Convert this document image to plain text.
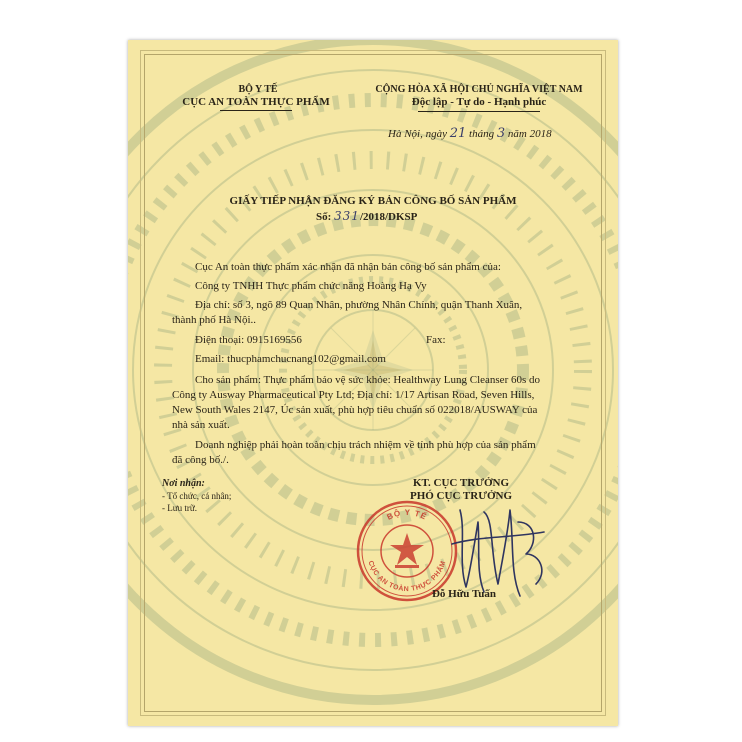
BỘ Y TẾ
CỤC AN TOÀN THỰC PHẨM
CỘNG HÒA XÃ HỘI CHỦ NGHĨA VIỆT NAM
Độc lập - Tự do - Hạnh phúc
Hà Nội, ngày 21 tháng 3 năm 2018
GIẤY TIẾP NHẬN ĐĂNG KÝ BẢN CÔNG BỐ SẢN PHẨM
Số: 331/2018/DKSP
Cục An toàn thực phẩm xác nhận đã nhận bản công bố sản phẩm của:
Công ty TNHH Thực phẩm chức năng Hoàng Hạ Vy
Địa chỉ: số 3, ngõ 89 Quan Nhân, phường Nhân Chính, quận Thanh Xuân,
thành phố Hà Nội..
Điện thoại: 0915169556	Fax:
Email: thucphamchucnang102@gmail.com
Cho sản phẩm: Thực phẩm bảo vệ sức khỏe: Healthway Lung Cleanser 60s do
Công ty Ausway Pharmaceutical Pty Ltd; Địa chỉ: 1/17 Artisan Road, Seven Hills,
New South Wales 2147, Úc sản xuất, phù hợp tiêu chuẩn số 022018/AUSWAY của
nhà sản xuất.
Doanh nghiệp phải hoàn toàn chịu trách nhiệm về tính phù hợp của sản phẩm
đã công bố./.
Nơi nhận:
- Tổ chức, cá nhân;
- Lưu trữ.
KT. CỤC TRƯỞNG
PHÓ CỤC TRƯỞNG
BỘ Y TẾ
CỤC AN TOÀN THỰC PHẨM
Đỗ Hữu Tuấn
